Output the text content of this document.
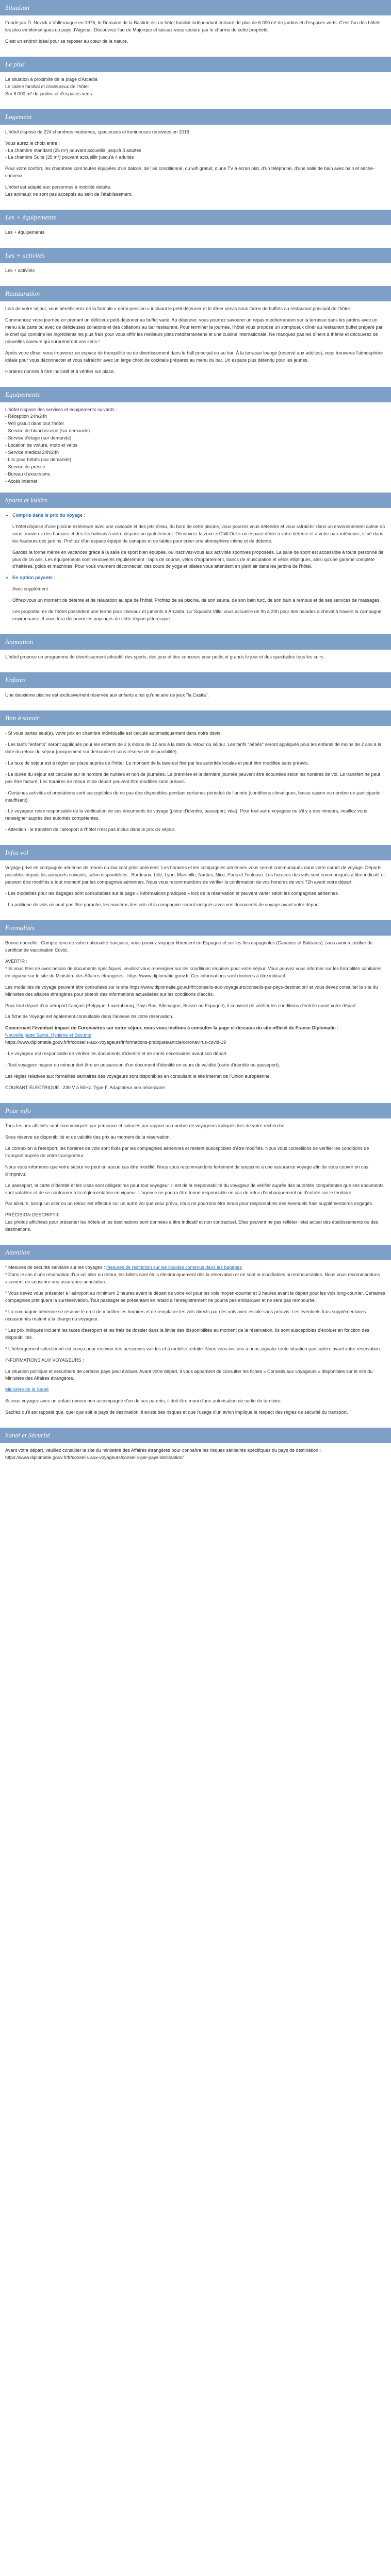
Situation

Fondé par D. Novick à Valleraugue en 1976, le Domaine de la Bastide est un hôtel familial indépendant entouré de plus de 6 000 m² de jardins et d'espaces verts. C'est l'un des hôtels les plus emblématiques du pays d'Aigoual. Découvrez l'art de Majorque et laissez-vous séduire par le charme de cette propriété.

C'est un endroit idéal pour se reposer au cœur de la nature.

Le plus

La situation à proximité de la plage d'Arcadia

Le calme familial et chaleureux de l'hôtel

Sur 6 000 m² de jardins et d'espaces verts

Logement

L'hôtel dispose de 224 chambres modernes, spacieuses et lumineuses rénovées en 2019.

Vous aurez le choix entre :

- La chambre standard (25 m²) pouvant accueillir jusqu'à 3 adultes

- La chambre Suite (35 m²) pouvant accueillir jusqu'à 4 adultes

Pour votre confort, les chambres sont toutes équipées d'un balcon, de l'air conditionné, du wifi gratuit, d'une TV à écran plat, d'un téléphone, d'une salle de bain avec bain et sèche-cheveux.

L'hôtel est adapté aux personnes à mobilité réduite.

Les animaux ne sont pas acceptés au sein de l'établissement.

Les + équipements

Les + équipements

Les + activités

Les + activités

Restauration

Lors de votre séjour, vous bénéficierez de la formule « demi-pension » incluant le petit-déjeuner et le dîner servis sous forme de buffets au restaurant principal de l'hôtel.

Commencez votre journée en prenant un délicieux petit-déjeuner au buffet varié. Au déjeuner, vous pourrez savourer un repas méditerranéen sur la terrasse dans les jardins avec un menu à la carte ou avec de délicieuses collations et des collations au bar restaurant. Pour terminer la journée, l'hôtel vous propose un somptueux dîner au restaurant buffet préparé par le chef qui combine les ingrédients les plus frais pour vous offrir les meilleurs plats méditerranéens et une cuisine internationale. Ne manquez pas les dîners à thème et découvrez de nouvelles saveurs qui surprendront vos sens !

Après votre dîner, vous trouverez un espace de tranquillité ou de divertissement dans le hall principal ou au bar. À la terrasse lounge (réservé aux adultes), vous trouverez l'atmosphère idéale pour vous déconnecter et vous rafraîchir avec un large choix de cocktails préparés au menu du bar. Un espace plus détendu pour les jeunes.

Horaires donnés à titre indicatif et à vérifier sur place.

Equipements

L'hôtel dispose des services et équipements suivants :

- Réception 24h/24h
- Wifi gratuit dans tout l'hôtel
- Service de blanchisserie (sur demande)
- Service d'étage (sur demande)
- Location de voiture, moto et vélos
- Service médical 24h/24h
- Lits pour bébés (sur demande)
- Service de presse
- Bureau d'excursions
- Accès internet
Sports et loisirs
• Compris dans le prix du voyage :

L'hôtel dispose d'une piscine extérieure avec une cascade et des jets d'eau, du bord de cette piscine, vous pourrez vous détendre et vous rafraîchir dans un environnement calme où vous trouverez des hamacs et des lits balinais à votre disposition gratuitement. Découvrez la zone « Chill Out » un espace dédié à votre détente et à votre paix intérieure, situé dans les hauteurs des jardins. Profitez d'un espace équipé de canapés et de tables pour créer une atmosphère intime et de détente.

Gardez la forme même en vacances grâce à la salle de sport bien équipée, ou inscrivez-vous aux activités sportives proposées. La salle de sport est accessible à toute personne de plus de 16 ans. Les équipements sont renouvelés régulièrement : tapis de course, vélos d'appartement, bancs de musculation et vélos elliptiques, ainsi qu'une gamme complète d'haltères, poids et machines. Pour vous vraiment déconnecter, des cours de yoga et pilates vous attendent en plein air dans les jardins de l'hôtel.

• En option payante :

Avec supplément :

Offrez-vous un moment de détente et de relaxation au spa de l'hôtel. Profitez de sa piscine, de son sauna, de son bain turc, de son bain à remous et de ses services de massages.

Les propriétaires de l'hôtel possèdent une ferme pour chevaux et juments à Arcadia. La 'Squadra Villa' vous accueille de 9h à 20h pour des balades à cheval à travers la campagne environnante et vous fera découvrir les paysages de cette région pittoresque.

Animation

L'hôtel propose un programme de divertissement attractif, des sports, des jeux et des concours pour petits et grands le jour et des spectacles tous les soirs.

Enfants

Une deuxième piscine est exclusivement réservée aux enfants ainsi qu'une aire de jeux "la Casita".

Bon à savoir

- Si vous partez seul(e), votre prix en chambre individuelle est calculé automatiquement dans notre devis.

- Les tarifs "enfants" seront appliqués pour les enfants de 2 à moins de 12 ans à la date du retour du séjour. Les tarifs "bébés" seront appliqués pour les enfants de moins de 2 ans à la date du retour du séjour (uniquement sur demande et sous réserve de disponibilité).

- La taxe de séjour est à régler sur place auprès de l'hôtel. Le montant de la taxe est fixé par les autorités locales et peut être modifiée sans préavis.

- La durée du séjour est calculée sur le nombre de nuitées et non de journées. La première et la dernière journée peuvent être écourtées selon les horaires de vol. Le transfert ne peut pas être facturé. Les horaires de retour et de départ peuvent être modifiés sans préavis.

- Certaines activités et prestations sont susceptibles de ne pas être disponibles pendant certaines périodes de l'année (conditions climatiques, basse saison ou nombre de participants insuffisant).

- Le voyageur reste responsable de la vérification de ses documents de voyage (pièce d'identité, passeport, visa). Pour tout autre voyageur ou s'il y a des mineurs, veuillez vous renseigner auprès des autorités compétentes.

- Attention : le transfert de l'aéroport à l'hôtel n'est pas inclus dans le prix du séjour.

Infos vol

Voyage privé en compagnie aérienne de renom ou low cost principalement. Les horaires et les compagnies aériennes vous seront communiqués dans votre carnet de voyage. Départs possibles depuis les aéroports suivants, selon disponibilités : Bordeaux, Lille, Lyon, Marseille, Nantes, Nice, Paris et Toulouse. Les horaires des vols sont communiqués à titre indicatif et peuvent être modifiés à tout moment par les compagnies aériennes. Nous vous recommandons de vérifier la confirmation de vos horaires de vols 72h avant votre départ.

- Les modalités pour les bagages sont consultables sur la page « Informations pratiques » lors de la réservation et peuvent varier selon les compagnies aériennes.

- La politique de vols ne peut pas être garantie, les numéros des vols et la compagnie seront indiqués avec vos documents de voyage avant votre départ.

Formalités

Bonne nouvelle : Compte tenu de votre nationalité française, vous pouvez voyager librement en Espagne et sur les îles espagnoles (Canaries et Baléares), sans avoir à justifier de certificat de vaccination Covid.

AVERTIR :

* Si vous êtes né avec besoin de documents spécifiques, veuillez vous renseigner sur les conditions requises pour votre séjour. Vous pouvez vous informer sur les formalités sanitaires en vigueur sur le site du Ministère des Affaires étrangères : https://www.diplomatie.gouv.fr. Ces informations sont données à titre indicatif.

Les modalités de voyage peuvent être consultées sur le site https://www.diplomatie.gouv.fr/fr/conseils-aux-voyageurs/conseils-par-pays-destination/ et vous devez consulter le site du Ministère des affaires étrangères pour obtenir des informations actualisées sur les conditions d'accès.

Pour tout départ d'un aéroport français (Belgique, Luxembourg, Pays-Bas, Allemagne, Suisse ou Espagne), il convient de vérifier les conditions d'entrée avant votre départ.

La fiche de Voyage est également consultable dans l'annexe de votre réservation.

Concernant l'éventuel impact de Coronavirus sur votre séjour, nous vous invitons à consulter la page ci-dessous du site officiel de France Diplomatie :

Nouvelle page Santé, Hygiène et Sécurité

https://www.diplomatie.gouv.fr/fr/conseils-aux-voyageurs/informations-pratiques/article/coronavirus-covid-19

- Le voyageur est responsable de vérifier les documents d'identité et de santé nécessaires avant son départ.

- Tout voyageur majeur ou mineur doit être en possession d'un document d'identité en cours de validité (carte d'identité ou passeport).

Les règles relatives aux formalités sanitaires des voyageurs sont disponibles en consultant le site internet de l'Union européenne.

COURANT ÉLECTRIQUE : 230 V à 50Hz. Type F. Adaptateur non nécessaire.

Pour info

Tous les prix affichés sont communiqués par personne et calculés par rapport au nombre de voyageurs indiqués lors de votre recherche.

Sous réserve de disponibilité et de validité des prix au moment de la réservation.

La connexion à l'aéroport, les horaires de vols sont fixés par les compagnies aériennes et restent susceptibles d'être modifiés. Nous vous conseillons de vérifier les conditions de transport auprès de votre transporteur.

Nous vous informons que votre séjour ne peut en aucun cas être modifié. Nous vous recommandons fortement de souscrire à une assurance voyage afin de vous couvrir en cas d'imprévu.

Le passeport, la carte d'identité et les visas sont obligatoires pour tout voyageur. Il est de la responsabilité du voyageur de vérifier auprès des autorités compétentes que ses documents sont valables et de se conformer à la réglementation en vigueur. L'agence ne pourra être tenue responsable en cas de refus d'embarquement ou d'entrée sur le territoire.

Par ailleurs, lorsqu'un aller ou un retour est effectué sur un autre vol que celui prévu, nous ne pourrons être tenus pour responsables des éventuels frais supplémentaires engagés.

PRÉCISION DESCRIPTIF

Les photos affichées pour présenter les hôtels et les destinations sont données à titre indicatif et non contractuel. Elles peuvent ne pas refléter l'état actuel des établissements ou des destinations.

Attention

* Mesures de sécurité sanitaire sur les voyages : mesures de restriction sur les liquides contenus dans les bagages

* Dans le cas d'une réservation d'un vol aller ou retour, les billets sont émis électroniquement dès la réservation et ne sont ni modifiables ni remboursables. Nous vous recommandons vivement de souscrire une assurance annulation.

* Vous devez vous présenter à l'aéroport au minimum 2 heures avant le départ de votre vol pour les vols moyen-courrier et 3 heures avant le départ pour les vols long-courrier. Certaines compagnies pratiquent la surréservation. Tout passager se présentant en retard à l'enregistrement ne pourra pas embarquer et ne sera pas remboursé.

* La compagnie aérienne se réserve le droit de modifier les horaires et de remplacer les vols directs par des vols avec escale sans préavis. Les éventuels frais supplémentaires occasionnés restent à la charge du voyageur.

* Les prix indiqués incluent les taxes d'aéroport et les frais de dossier dans la limite des disponibilités au moment de la réservation. Ils sont susceptibles d'évoluer en fonction des disponibilités.

* L'hébergement sélectionné est conçu pour recevoir des personnes valides et à mobilité réduite. Nous vous invitons à nous signaler toute situation particulière avant votre réservation.

INFORMATIONS AUX VOYAGEURS :

La situation politique et sécuritaire de certains pays peut évoluer. Avant votre départ, il vous appartient de consulter les fiches « Conseils aux voyageurs » disponibles sur le site du Ministère des Affaires étrangères.

Ministère de la Santé

Si vous voyagez avec un enfant mineur non accompagné d'un de ses parents, il doit être muni d'une autorisation de sortie du territoire.

Sachez qu'il est rappelé que, quel que soit le pays de destination, il existe des risques et que l'usage d'un avion implique le respect des règles de sécurité du transport.

Santé et Sécurité

Avant votre départ, veuillez consulter le site du ministère des Affaires étrangères pour connaître les risques sanitaires spécifiques du pays de destination : https://www.diplomatie.gouv.fr/fr/conseils-aux-voyageurs/conseils-par-pays-destination/
